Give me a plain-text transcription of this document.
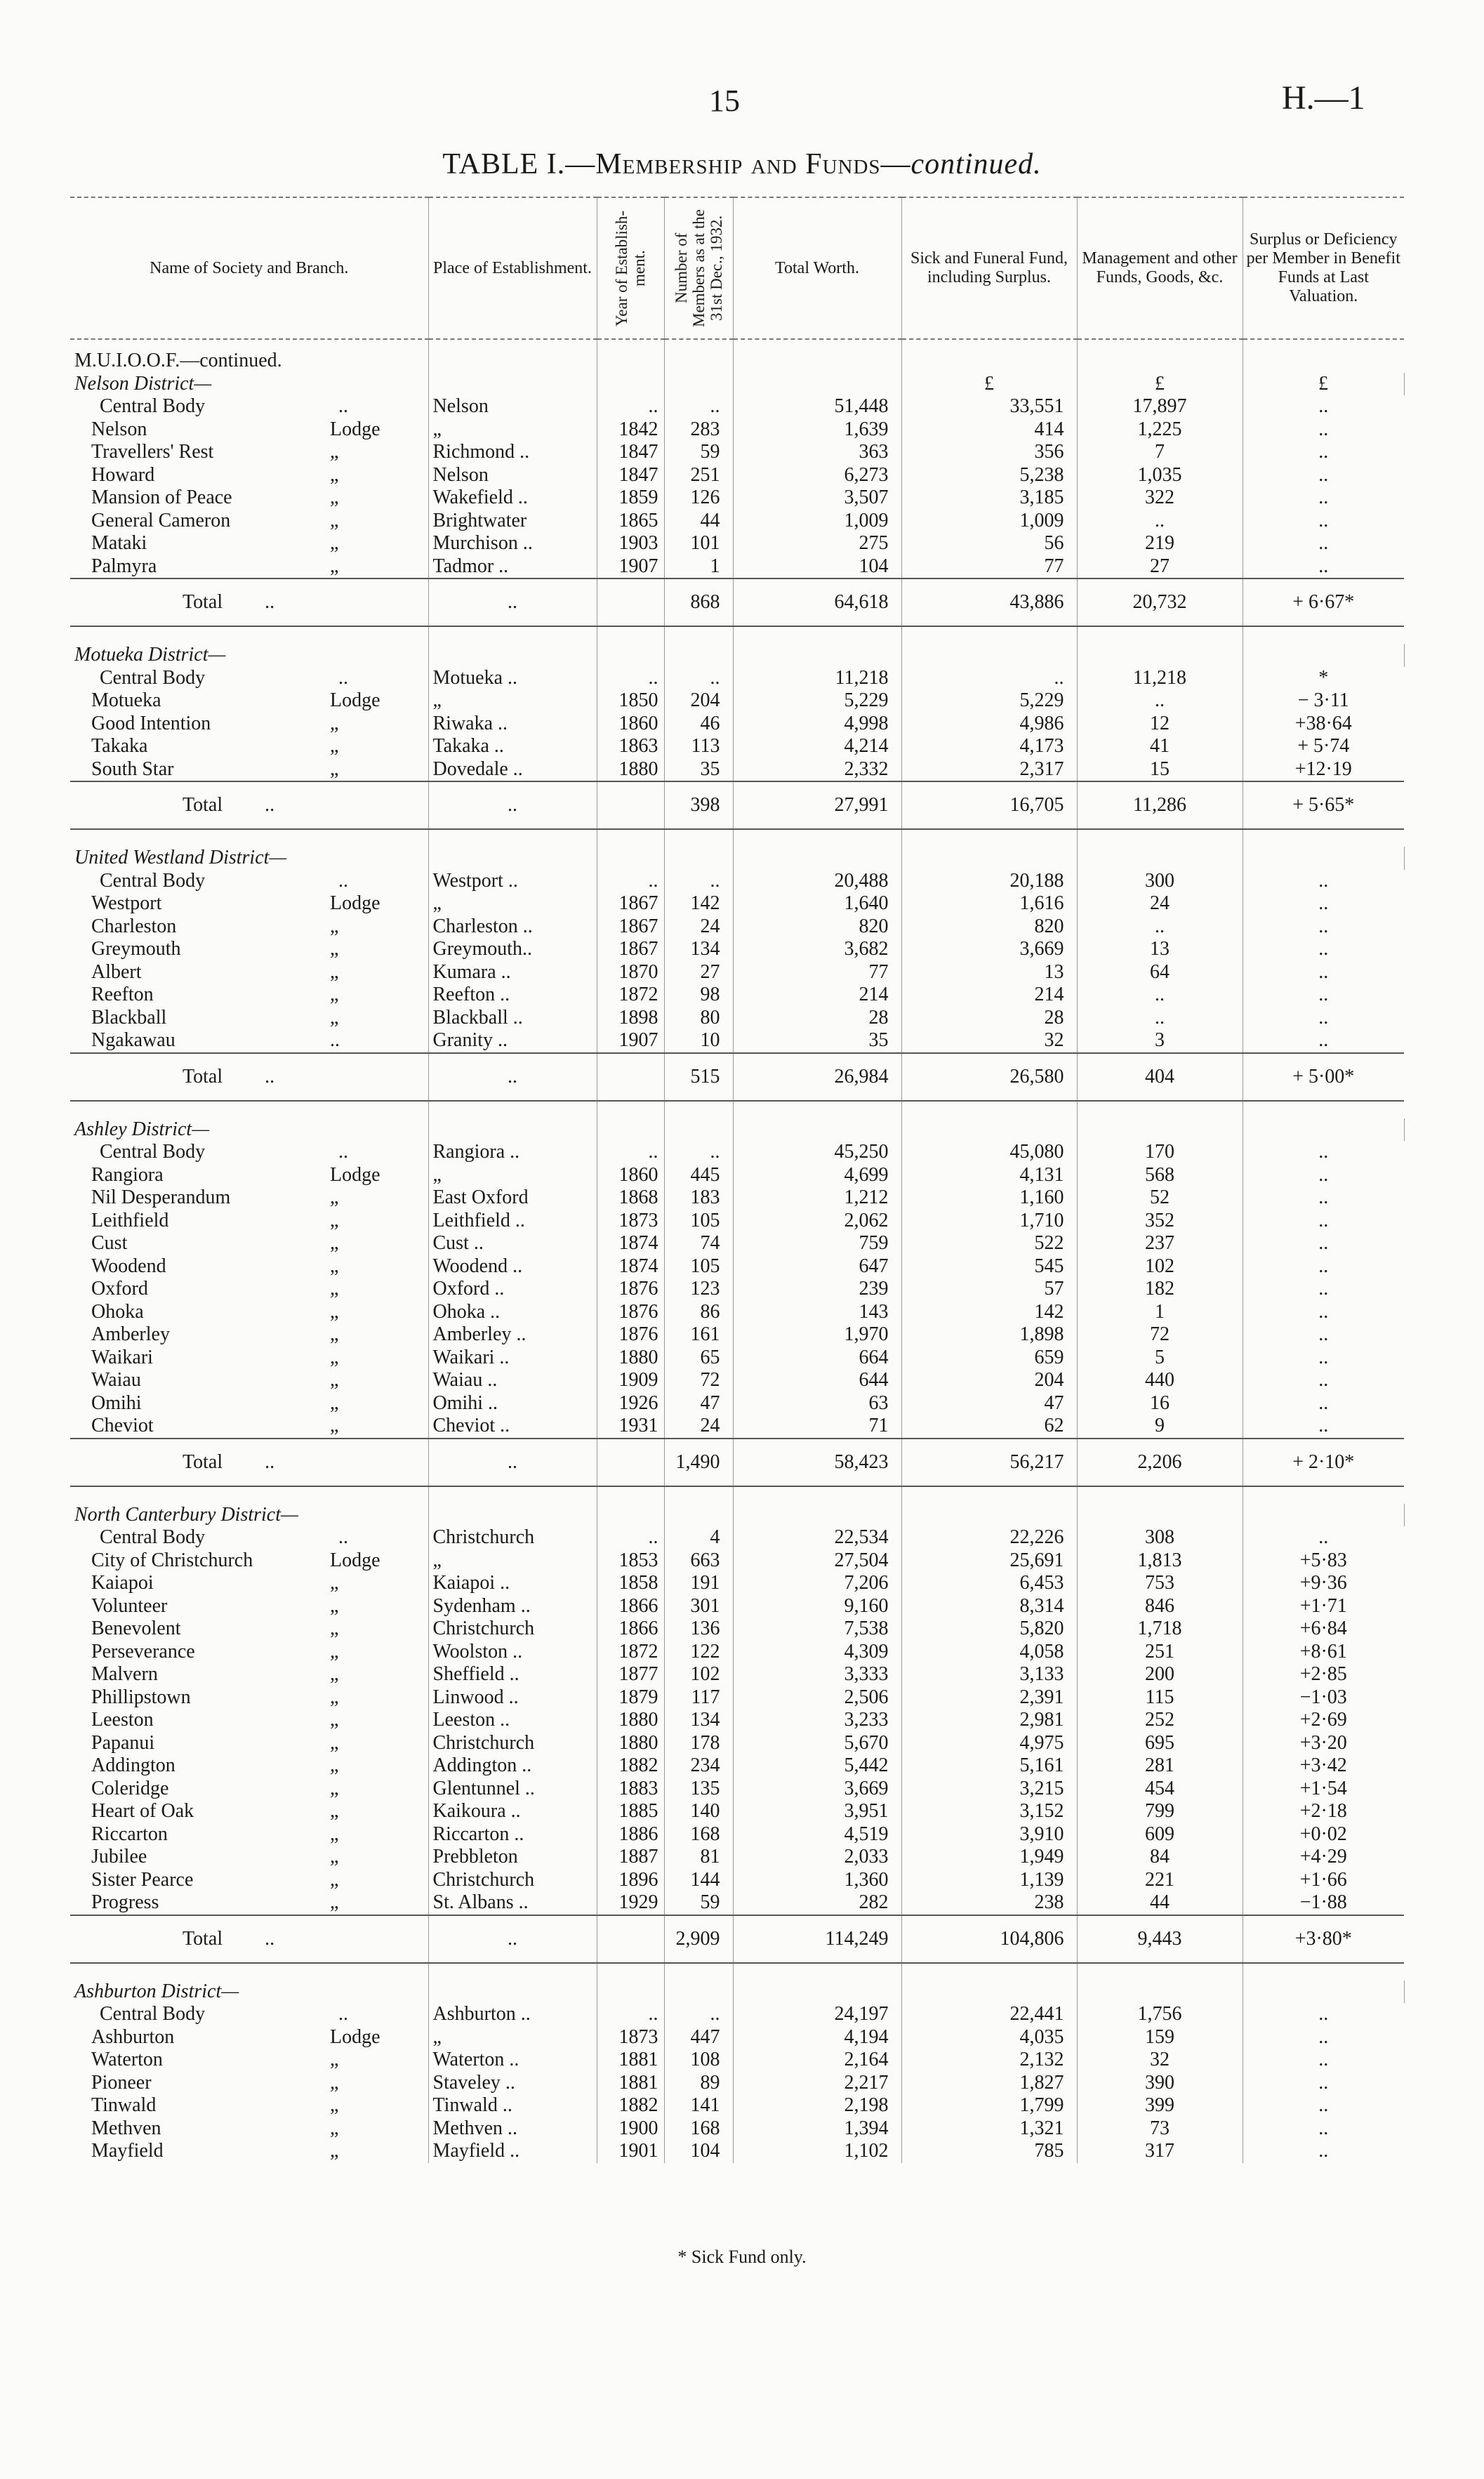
15	H.—1
TABLE I.—Membership and Funds—continued.
Name of Society and Branch.	Place of Establishment.	Year of Establish-ment.	Number of Members as at the 31st Dec., 1932.	Total Worth.	Sick and Funeral Fund, including Surplus.	Management and other Funds, Goods, &c.	Surplus or Deficiency per Member in Benefit Funds at Last Valuation.	

M.U.I.O.O.F.—continued.								
Nelson District—					£	£	£	
Central Body ..	Nelson	..	..	51,448	33,551	17,897	..	
Nelson Lodge	„	1842	283	1,639	414	1,225	..	
Travellers' Rest „	Richmond ..	1847	59	363	356	7	..	
Howard „	Nelson	1847	251	6,273	5,238	1,035	..	
Mansion of Peace „	Wakefield ..	1859	126	3,507	3,185	322	..	
General Cameron „	Brightwater	1865	44	1,009	1,009	..	..	
Mataki „	Murchison ..	1903	101	275	56	219	..	
Palmyra „	Tadmor ..	1907	1	104	77	27	..	
Total ..	..		868	64,618	43,886	20,732	+ 6·67*	

Motueka District—								
Central Body ..	Motueka ..	..	..	11,218	..	11,218	*	
Motueka Lodge	„	1850	204	5,229	5,229	..	− 3·11	
Good Intention „	Riwaka ..	1860	46	4,998	4,986	12	+38·64	
Takaka „	Takaka ..	1863	113	4,214	4,173	41	+ 5·74	
South Star „	Dovedale ..	1880	35	2,332	2,317	15	+12·19	
Total ..	..		398	27,991	16,705	11,286	+ 5·65*	

United Westland District—								
Central Body ..	Westport ..	..	..	20,488	20,188	300	..	
Westport Lodge	„	1867	142	1,640	1,616	24	..	
Charleston „	Charleston ..	1867	24	820	820	..	..	
Greymouth „	Greymouth..	1867	134	3,682	3,669	13	..	
Albert „	Kumara ..	1870	27	77	13	64	..	
Reefton „	Reefton ..	1872	98	214	214	..	..	
Blackball „	Blackball ..	1898	80	28	28	..	..	
Ngakawau ..	Granity ..	1907	10	35	32	3	..	
Total ..	..		515	26,984	26,580	404	+ 5·00*	

Ashley District—								
Central Body ..	Rangiora ..	..	..	45,250	45,080	170	..	
Rangiora Lodge	„	1860	445	4,699	4,131	568	..	
Nil Desperandum „	East Oxford	1868	183	1,212	1,160	52	..	
Leithfield „	Leithfield ..	1873	105	2,062	1,710	352	..	
Cust „	Cust ..	1874	74	759	522	237	..	
Woodend „	Woodend ..	1874	105	647	545	102	..	
Oxford „	Oxford ..	1876	123	239	57	182	..	
Ohoka „	Ohoka ..	1876	86	143	142	1	..	
Amberley „	Amberley ..	1876	161	1,970	1,898	72	..	
Waikari „	Waikari ..	1880	65	664	659	5	..	
Waiau „	Waiau ..	1909	72	644	204	440	..	
Omihi „	Omihi ..	1926	47	63	47	16	..	
Cheviot „	Cheviot ..	1931	24	71	62	9	..	
Total ..	..		1,490	58,423	56,217	2,206	+ 2·10*	

North Canterbury District—								
Central Body ..	Christchurch	..	4	22,534	22,226	308	..	
City of Christchurch Lodge	„	1853	663	27,504	25,691	1,813	+5·83	
Kaiapoi „	Kaiapoi ..	1858	191	7,206	6,453	753	+9·36	
Volunteer „	Sydenham ..	1866	301	9,160	8,314	846	+1·71	
Benevolent „	Christchurch	1866	136	7,538	5,820	1,718	+6·84	
Perseverance „	Woolston ..	1872	122	4,309	4,058	251	+8·61	
Malvern „	Sheffield ..	1877	102	3,333	3,133	200	+2·85	
Phillipstown „	Linwood ..	1879	117	2,506	2,391	115	−1·03	
Leeston „	Leeston ..	1880	134	3,233	2,981	252	+2·69	
Papanui „	Christchurch	1880	178	5,670	4,975	695	+3·20	
Addington „	Addington ..	1882	234	5,442	5,161	281	+3·42	
Coleridge „	Glentunnel ..	1883	135	3,669	3,215	454	+1·54	
Heart of Oak „	Kaikoura ..	1885	140	3,951	3,152	799	+2·18	
Riccarton „	Riccarton ..	1886	168	4,519	3,910	609	+0·02	
Jubilee „	Prebbleton	1887	81	2,033	1,949	84	+4·29	
Sister Pearce „	Christchurch	1896	144	1,360	1,139	221	+1·66	
Progress „	St. Albans ..	1929	59	282	238	44	−1·88	
Total ..	..		2,909	114,249	104,806	9,443	+3·80*	

Ashburton District—								
Central Body ..	Ashburton ..	..	..	24,197	22,441	1,756	..	
Ashburton Lodge	„	1873	447	4,194	4,035	159	..	
Waterton „	Waterton ..	1881	108	2,164	2,132	32	..	
Pioneer „	Staveley ..	1881	89	2,217	1,827	390	..	
Tinwald „	Tinwald ..	1882	141	2,198	1,799	399	..	
Methven „	Methven ..	1900	168	1,394	1,321	73	..	
Mayfield „	Mayfield ..	1901	104	1,102	785	317	..	
* Sick Fund only.
